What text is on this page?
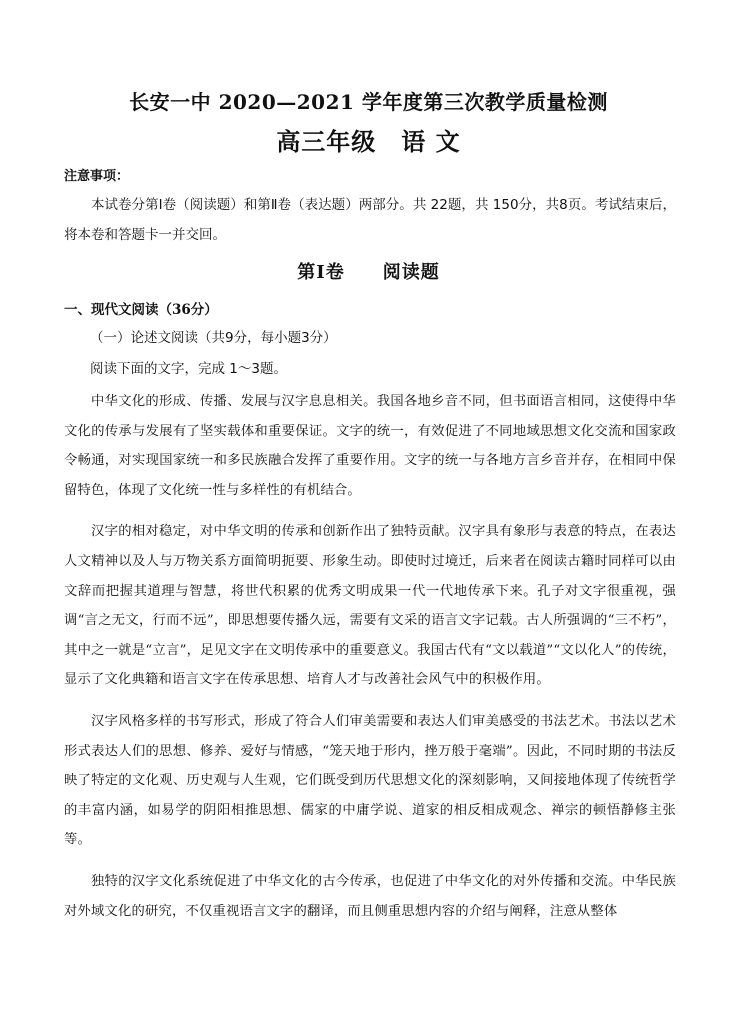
长安一中 2020—2021 学年度第三次教学质量检测
高三年级　语 文
注意事项：
本试卷分第Ⅰ卷（阅读题）和第Ⅱ卷（表达题）两部分。共 22题，共 150分，共8页。考试结束后，将本卷和答题卡一并交回。
第Ⅰ卷　　阅读题
一、现代文阅读（36分）
（一）论述文阅读（共9分，每小题3分）
阅读下面的文字，完成 1～3题。

中华文化的形成、传播、发展与汉字息息相关。我国各地乡音不同，但书面语言相同，这使得中华文化的传承与发展有了坚实载体和重要保证。文字的统一，有效促进了不同地域思想文化交流和国家政令畅通，对实现国家统一和多民族融合发挥了重要作用。文字的统一与各地方言乡音并存，在相同中保留特色，体现了文化统一性与多样性的有机结合。

汉字的相对稳定，对中华文明的传承和创新作出了独特贡献。汉字具有象形与表意的特点，在表达人文精神以及人与万物关系方面简明扼要、形象生动。即使时过境迁，后来者在阅读古籍时同样可以由文辞而把握其道理与智慧，将世代积累的优秀文明成果一代一代地传承下来。孔子对文字很重视，强调“言之无文，行而不远”，即思想要传播久远，需要有文采的语言文字记载。古人所强调的“三不朽”，其中之一就是“立言”，足见文字在文明传承中的重要意义。我国古代有“文以载道”“文以化人”的传统，显示了文化典籍和语言文字在传承思想、培育人才与改善社会风气中的积极作用。

汉字风格多样的书写形式，形成了符合人们审美需要和表达人们审美感受的书法艺术。书法以艺术形式表达人们的思想、修养、爱好与情感，“笼天地于形内，挫万般于毫端”。因此，不同时期的书法反映了特定的文化观、历史观与人生观，它们既受到历代思想文化的深刻影响，又间接地体现了传统哲学的丰富内涵，如易学的阴阳相推思想、儒家的中庸学说、道家的相反相成观念、禅宗的顿悟静修主张等。

独特的汉字文化系统促进了中华文化的古今传承，也促进了中华文化的对外传播和交流。中华民族对外域文化的研究，不仅重视语言文字的翻译，而且侧重思想内容的介绍与阐释，注意从整体
